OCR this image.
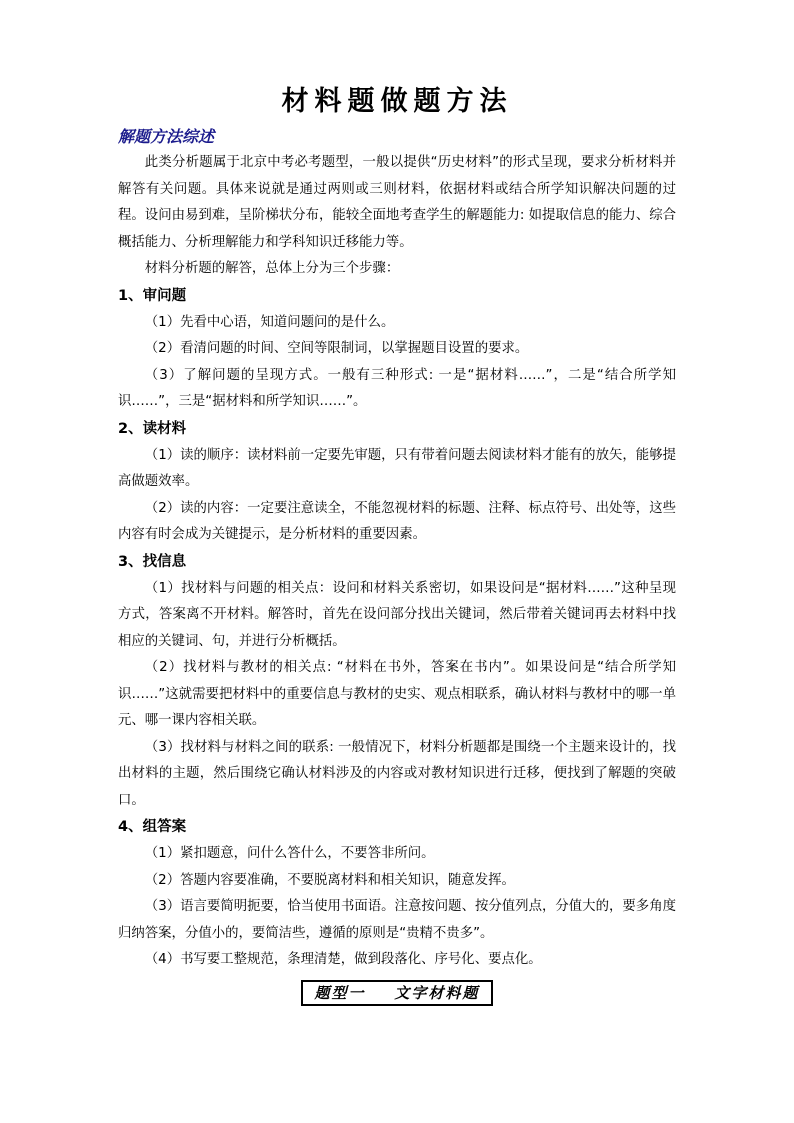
材料题做题方法
解题方法综述

此类分析题属于北京中考必考题型，一般以提供“历史材料”的形式呈现，要求分析材料并解答有关问题。具体来说就是通过两则或三则材料，依据材料或结合所学知识解决问题的过程。设问由易到难，呈阶梯状分布，能较全面地考查学生的解题能力: 如提取信息的能力、综合概括能力、分析理解能力和学科知识迁移能力等。

材料分析题的解答，总体上分为三个步骤：

1、审问题

（1）先看中心语，知道问题问的是什么。

（2）看清问题的时间、空间等限制词，以掌握题目设置的要求。

（3）了解问题的呈现方式。一般有三种形式: 一是“据材料……”，二是“结合所学知识……”，三是“据材料和所学知识……”。

2、读材料

（1）读的顺序：读材料前一定要先审题，只有带着问题去阅读材料才能有的放矢，能够提高做题效率。

（2）读的内容：一定要注意读全，不能忽视材料的标题、注释、标点符号、出处等，这些内容有时会成为关键提示，是分析材料的重要因素。

3、找信息

（1）找材料与问题的相关点：设问和材料关系密切，如果设问是“据材料……”这种呈现方式，答案离不开材料。解答时，首先在设问部分找出关键词，然后带着关键词再去材料中找相应的关键词、句，并进行分析概括。

（2）找材料与教材的相关点: “材料在书外，答案在书内”。如果设问是“结合所学知识……”这就需要把材料中的重要信息与教材的史实、观点相联系，确认材料与教材中的哪一单元、哪一课内容相关联。

（3）找材料与材料之间的联系: 一般情况下，材料分析题都是围绕一个主题来设计的，找出材料的主题，然后围绕它确认材料涉及的内容或对教材知识进行迁移，便找到了解题的突破口。

4、组答案

（1）紧扣题意，问什么答什么，不要答非所问。

（2）答题内容要准确，不要脱离材料和相关知识，随意发挥。

（3）语言要简明扼要，恰当使用书面语。注意按问题、按分值列点，分值大的，要多角度归纳答案，分值小的，要简洁些，遵循的原则是“贵精不贵多”。

（4）书写要工整规范，条理清楚，做到段落化、序号化、要点化。

题型一    文字材料题
